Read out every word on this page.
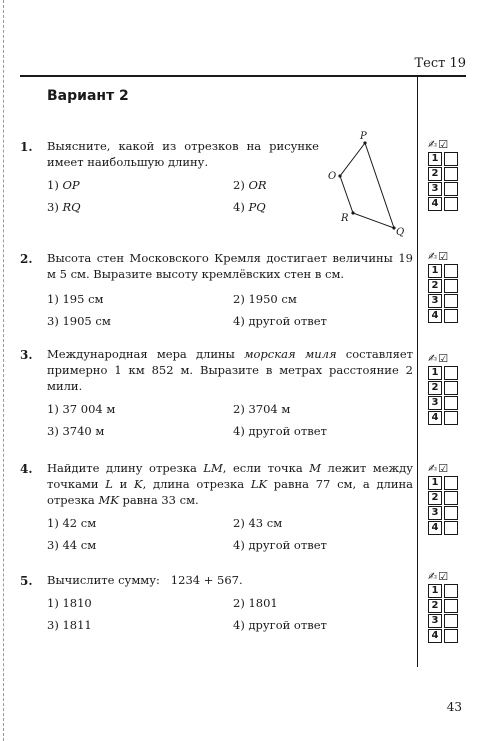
Тест 19
Вариант 2
1. Выясните, какой из отрезков на рисунке имеет наибольшую длину.
1) OP	2) OR
3) RQ	4) PQ
P
O
R
Q
✍☑
1
2
3
4
2. Высота стен Московского Кремля достигает величины 19 м 5 см. Выразите высоту кремлёвских стен в см.
1) 195 см	2) 1950 см
3) 1905 см	4) другой ответ
✍☑
1
2
3
4
3. Международная мера длины морская миля составляет примерно 1 км 852 м. Выразите в метрах расстояние 2 мили.
1) 37 004 м	2) 3704 м
3) 3740 м	4) другой ответ
✍☑
1
2
3
4
4. Найдите длину отрезка LM, если точка M лежит между точками L и K, длина отрезка LK равна 77 см, а длина отрезка MK равна 33 см.
1) 42 см	2) 43 см
3) 44 см	4) другой ответ
✍☑
1
2
3
4
5. Вычислите сумму:   1234 + 567.
1) 1810	2) 1801
3) 1811	4) другой ответ
✍☑
1
2
3
4
43
